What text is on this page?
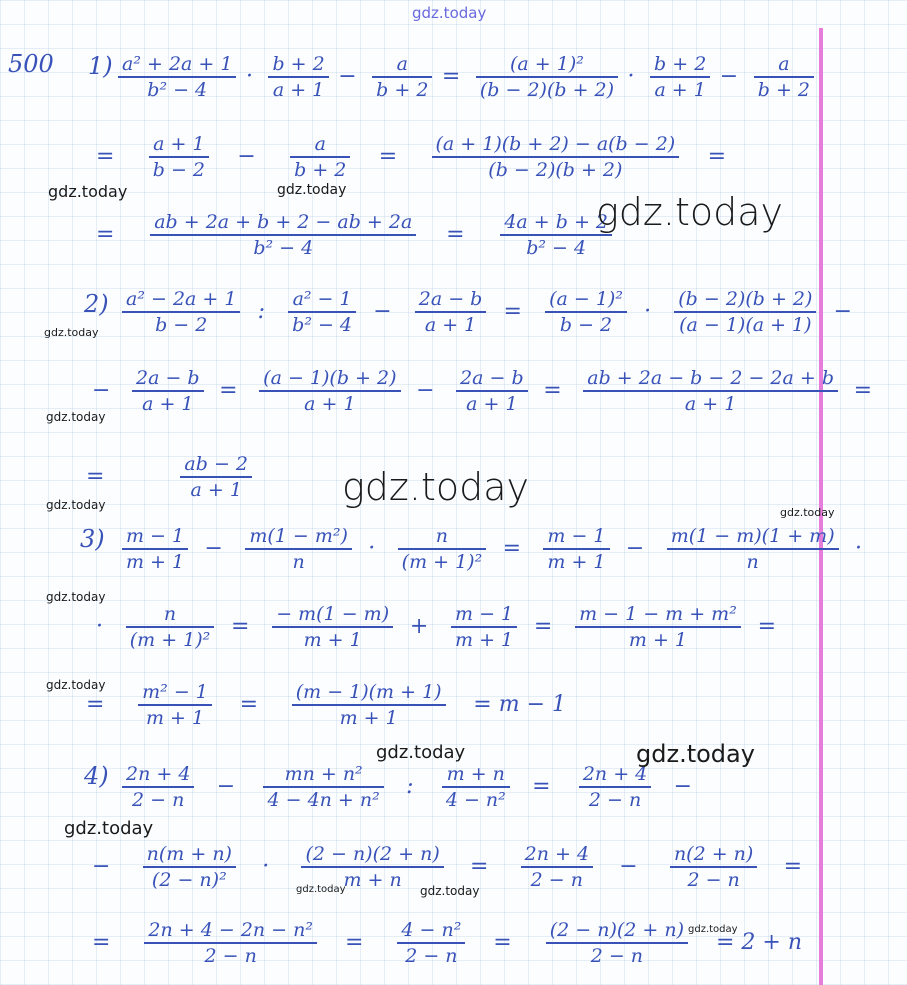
gdz.today
500 1)
2)
3)
4)
$\frac{\text{a² + 2a + 1}}{\text{b² − 4}} \cdot \frac{b + 2}{a + 1} - \frac{a}{b + 2} = \frac{\text{(a + 1)²}}{(b - 2)(b + 2)} \cdot \frac{b + 2}{a + 1} - \frac{a}{b + 2}$
= $\frac{a + 1}{b - 2} - \frac{a}{b + 2} = \frac{(a + 1)(b + 2) - a(b - 2)}{(b - 2)(b + 2)}$ =
= $\frac{ab + 2a + b + 2 - ab + 2a}{\text{b² − 4}} = \frac{4a + b + 2}{\text{b² − 4}}$
$\frac{\text{a² − 2a + 1}}{b - 2}$ : $\frac{\text{a² − 1}}{\text{b² − 4}} - \frac{2a - b}{a + 1} = \frac{\text{(a − 1)²}}{b - 2} \cdot \frac{(b - 2)(b + 2)}{(a - 1)(a + 1)}$ −
− $\frac{2a - b}{a + 1} = \frac{(a - 1)(b + 2)}{a + 1} - \frac{2a - b}{a + 1} = \frac{ab + 2a - b - 2 - 2a + b}{a + 1}$ =
=	$\frac{ab - 2}{a + 1}$
$\frac{m - 1}{m + 1} - \frac{\text{m(1 − m²)}}{n} \cdot \frac{n}{\text{(m + 1)²}} = \frac{m - 1}{m + 1} - \frac{m(1 - m)(1 + m)}{n}$ ·
· $\frac{n}{\text{(m + 1)²}} = \frac{- m(1 - m)}{m + 1} + \frac{m - 1}{m + 1} = \frac{\text{m − 1 − m + m²}}{m + 1}$ =
= $\frac{\text{m² − 1}}{m + 1} = \frac{(m - 1)(m + 1)}{m + 1} = m - 1$
$\frac{2n + 4}{2 - n} - \frac{\text{mn + n²}}{\text{4 − 4n + n²}}$ : $\frac{m + n}{\text{4 − n²}} = \frac{2n + 4}{2 - n}$ −
− $\frac{n(m + n)}{\text{(2 − n)²}} \cdot \frac{(2 - n)(2 + n)}{m + n} = \frac{2n + 4}{2 - n} - \frac{n(2 + n)}{2 - n}$ =
= $\frac{\text{2n + 4 − 2n − n²}}{2 - n} = \frac{\text{4 − n²}}{2 - n} = \frac{(2 - n)(2 + n)}{2 - n} = 2 + n$
gdz.today	gdz.today	gdz.today
gdz.today
gdz.today
gdz.today
gdz.today
gdz.today
gdz.today
gdz.today
gdz.today	gdz.today
gdz.today
gdz.today	gdz.today
gdz.today
